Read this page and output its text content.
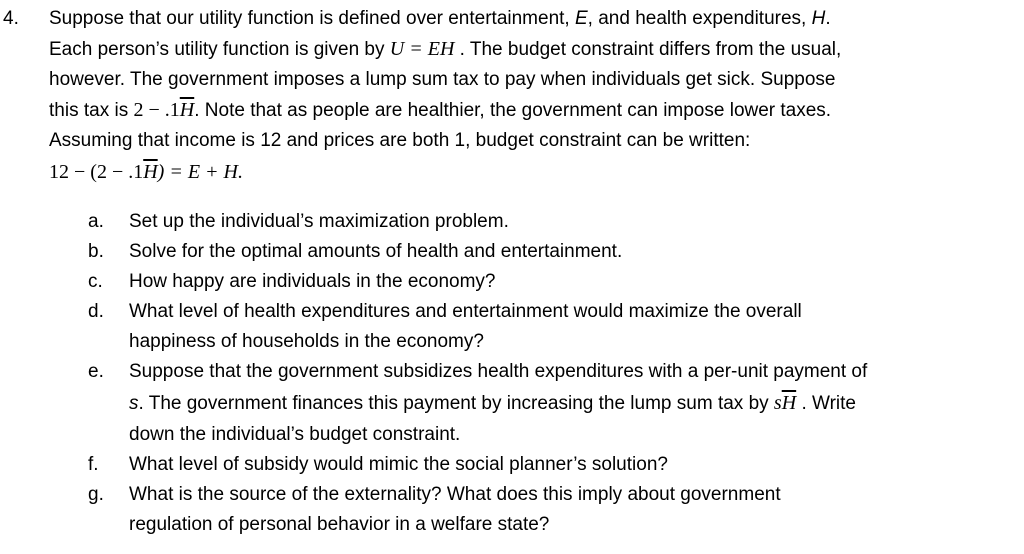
4. Suppose that our utility function is defined over entertainment, E, and health expenditures, H.
Each person’s utility function is given by U = EH . The budget constraint differs from the usual,
however. The government imposes a lump sum tax to pay when individuals get sick. Suppose
this tax is $2 - .1\overline{H}$. Note that as people are healthier, the government can impose lower taxes.
Assuming that income is 12 and prices are both 1, budget constraint can be written:
$12 - (2 - .1\overline{H}) = E + H$.
a.	Set up the individual’s maximization problem.
b.	Solve for the optimal amounts of health and entertainment.
c.	How happy are individuals in the economy?
d.	What level of health expenditures and entertainment would maximize the overall
happiness of households in the economy?
e.	Suppose that the government subsidizes health expenditures with a per-unit payment of
s. The government finances this payment by increasing the lump sum tax by $s\overline{H}$ . Write
down the individual’s budget constraint.
f.	What level of subsidy would mimic the social planner’s solution?
g.	What is the source of the externality? What does this imply about government
regulation of personal behavior in a welfare state?
